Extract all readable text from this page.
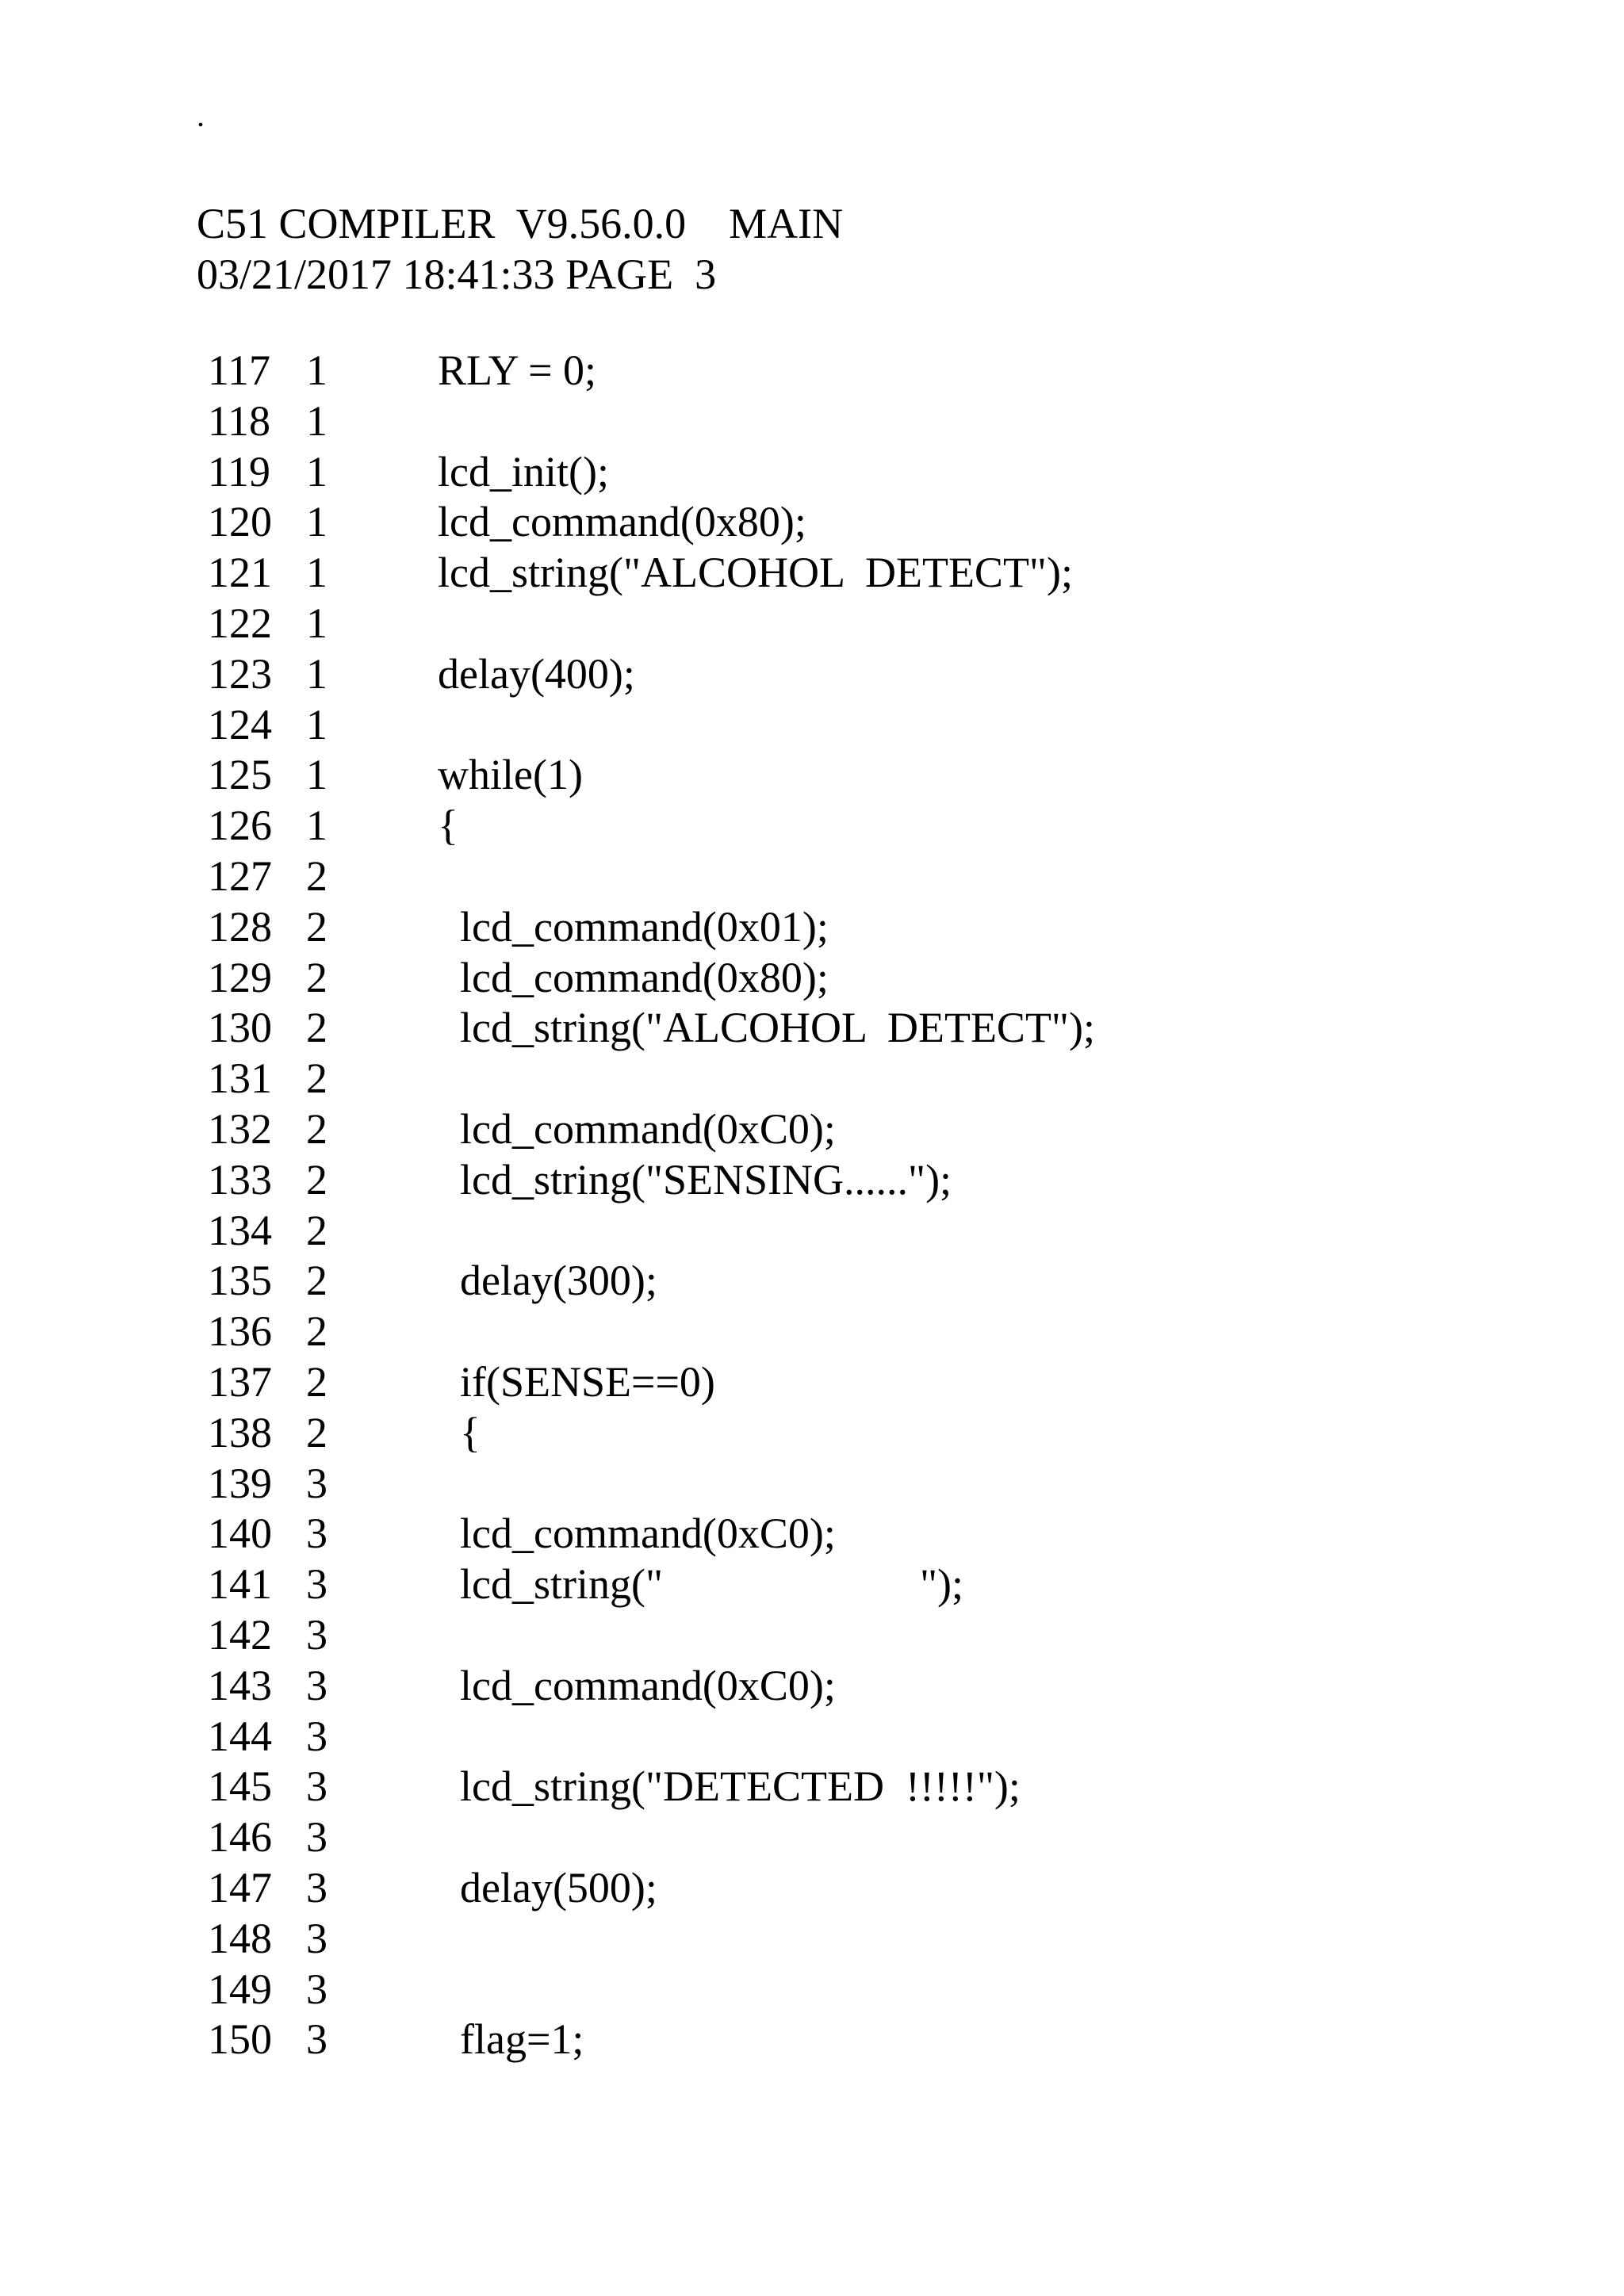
.
C51 COMPILER  V9.56.0.0    MAIN
03/21/2017 18:41:33 PAGE  3
117 1	RLY = 0;
118 1
119 1	lcd_init();
120 1	lcd_command(0x80);
121 1	lcd_string("ALCOHOL  DETECT");
122 1
123 1	delay(400);
124 1
125 1	while(1)
126 1	{
127 2
128 2	lcd_command(0x01);
129 2	lcd_command(0x80);
130 2	lcd_string("ALCOHOL  DETECT");
131 2
132 2	lcd_command(0xC0);
133 2	lcd_string("SENSING......");
134 2
135 2	delay(300);
136 2
137 2	if(SENSE==0)
138 2	{
139 3
140 3	lcd_command(0xC0);
141 3	lcd_string("                        ");
142 3
143 3	lcd_command(0xC0);
144 3
145 3	lcd_string("DETECTED  !!!!!");
146 3
147 3	delay(500);
148 3
149 3
150 3	flag=1;
